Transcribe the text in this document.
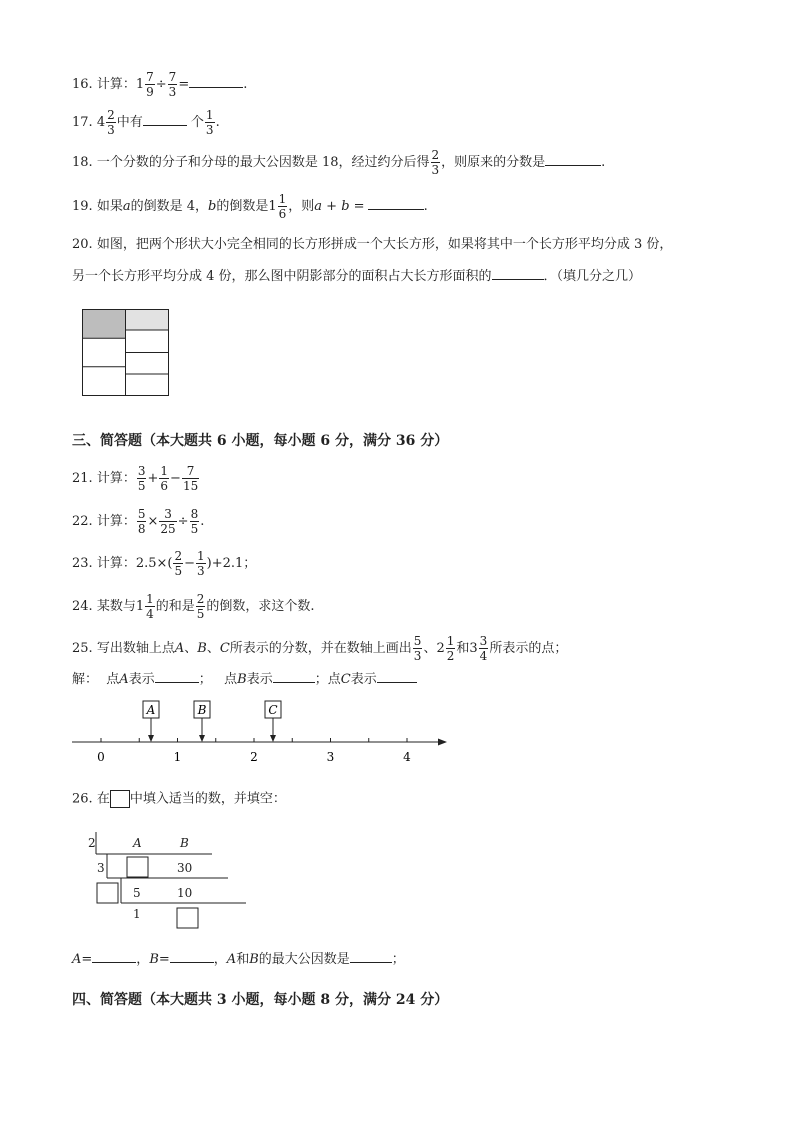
16. 计算：$1 \frac{7}{9} \div \frac{7}{3}$ =	.
17. $4 \frac{2}{3}$ 中有	个 $\frac{1}{3}$ .
18. 一个分数的分子和分母的最大公因数是 18，经过约分后得 $\frac{2}{3}$ ，则原来的分数是	.
19. 如果a的倒数是 4，b的倒数是$1 \frac{1}{6}$ ，则a + b =	.
20. 如图，把两个形状大小完全相同的长方形拼成一个大长方形，如果将其中一个长方形平均分成 3 份，
另一个长方形平均分成 4 份，那么图中阴影部分的面积占大长方形面积的	．（填几分之几）
三、简答题（本大题共 6 小题，每小题 6 分，满分 36 分）
21. 计算： $\frac{3}{5} + \frac{1}{6} - \frac{7}{15}$
22. 计算： $\frac{5}{8} \times \frac{3}{25} \div \frac{8}{5}$ .
23. 计算：$2.5\times( \frac{2}{5} - \frac{1}{3} )+2.1$；
24. 某数与$1 \frac{1}{4}$ 的和是 $\frac{2}{5}$ 的倒数，求这个数.
25. 写出数轴上点A、B、C所表示的分数，并在数轴上画出 $\frac{5}{3}$ 、$2 \frac{1}{2}$ 和$3 \frac{3}{4}$ 所表示的点；
解： 点A表示	； 点B表示	；点C表示
0	1	2	3	4
A	B	C
26. 在 中填入适当的数，并填空：
2	A	B
3	30
5	10
1
A=	，B=	，A和B的最大公因数是	；
四、简答题（本大题共 3 小题，每小题 8 分，满分 24 分）
